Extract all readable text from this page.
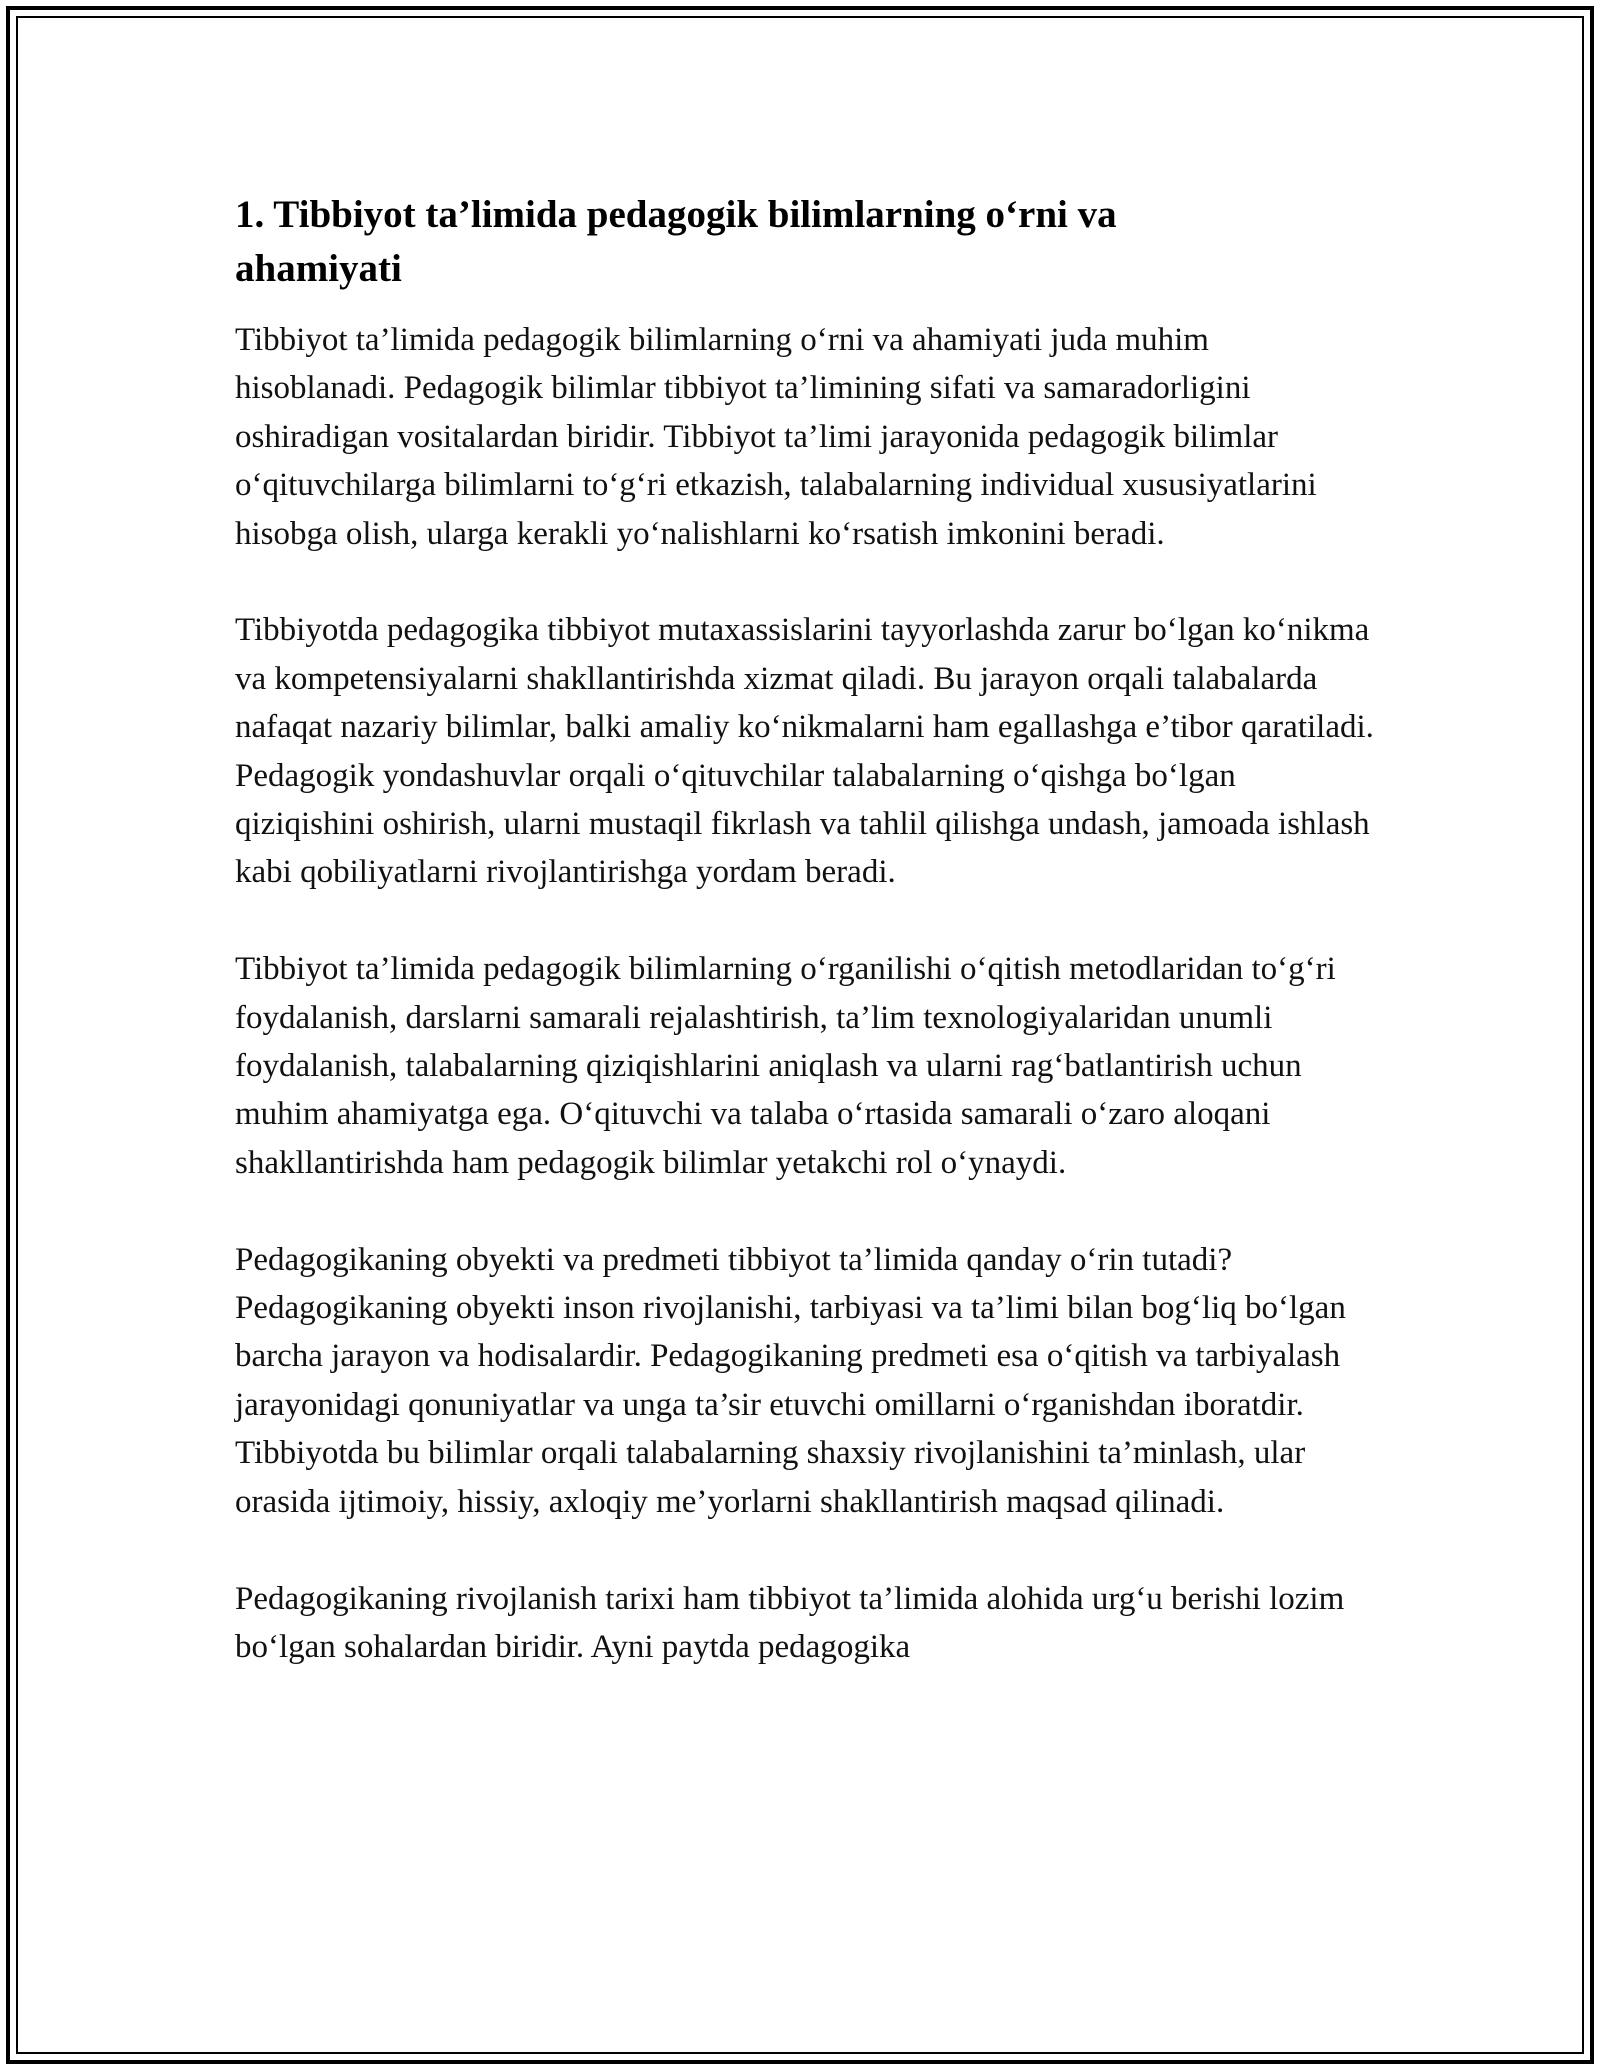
1. Tibbiyot ta’limida pedagogik bilimlarning o‘rni va
ahamiyati

Tibbiyot ta’limida pedagogik bilimlarning o‘rni va ahamiyati juda muhim hisoblanadi. Pedagogik bilimlar tibbiyot ta’limining sifati va samaradorligini oshiradigan vositalardan biridir. Tibbiyot ta’limi jarayonida pedagogik bilimlar o‘qituvchilarga bilimlarni to‘g‘ri etkazish, talabalarning individual xususiyatlarini hisobga olish, ularga kerakli yo‘nalishlarni ko‘rsatish imkonini beradi.

Tibbiyotda pedagogika tibbiyot mutaxassislarini tayyorlashda zarur bo‘lgan ko‘nikma va kompetensiyalarni shakllantirishda xizmat qiladi. Bu jarayon orqali talabalarda nafaqat nazariy bilimlar, balki amaliy ko‘nikmalarni ham egallashga e’tibor qaratiladi. Pedagogik yondashuvlar orqali o‘qituvchilar talabalarning o‘qishga bo‘lgan qiziqishini oshirish, ularni mustaqil fikrlash va tahlil qilishga undash, jamoada ishlash kabi qobiliyatlarni rivojlantirishga yordam beradi.

Tibbiyot ta’limida pedagogik bilimlarning o‘rganilishi o‘qitish metodlaridan to‘g‘ri foydalanish, darslarni samarali rejalashtirish, ta’lim texnologiyalaridan unumli foydalanish, talabalarning qiziqishlarini aniqlash va ularni rag‘batlantirish uchun muhim ahamiyatga ega. O‘qituvchi va talaba o‘rtasida samarali o‘zaro aloqani shakllantirishda ham pedagogik bilimlar yetakchi rol o‘ynaydi.

Pedagogikaning obyekti va predmeti tibbiyot ta’limida qanday o‘rin tutadi? Pedagogikaning obyekti inson rivojlanishi, tarbiyasi va ta’limi bilan bog‘liq bo‘lgan barcha jarayon va hodisalardir. Pedagogikaning predmeti esa o‘qitish va tarbiyalash jarayonidagi qonuniyatlar va unga ta’sir etuvchi omillarni o‘rganishdan iboratdir. Tibbiyotda bu bilimlar orqali talabalarning shaxsiy rivojlanishini ta’minlash, ular orasida ijtimoiy, hissiy, axloqiy me’yorlarni shakllantirish maqsad qilinadi.

Pedagogikaning rivojlanish tarixi ham tibbiyot ta’limida alohida urg‘u berishi lozim bo‘lgan sohalardan biridir. Ayni paytda pedagogika
